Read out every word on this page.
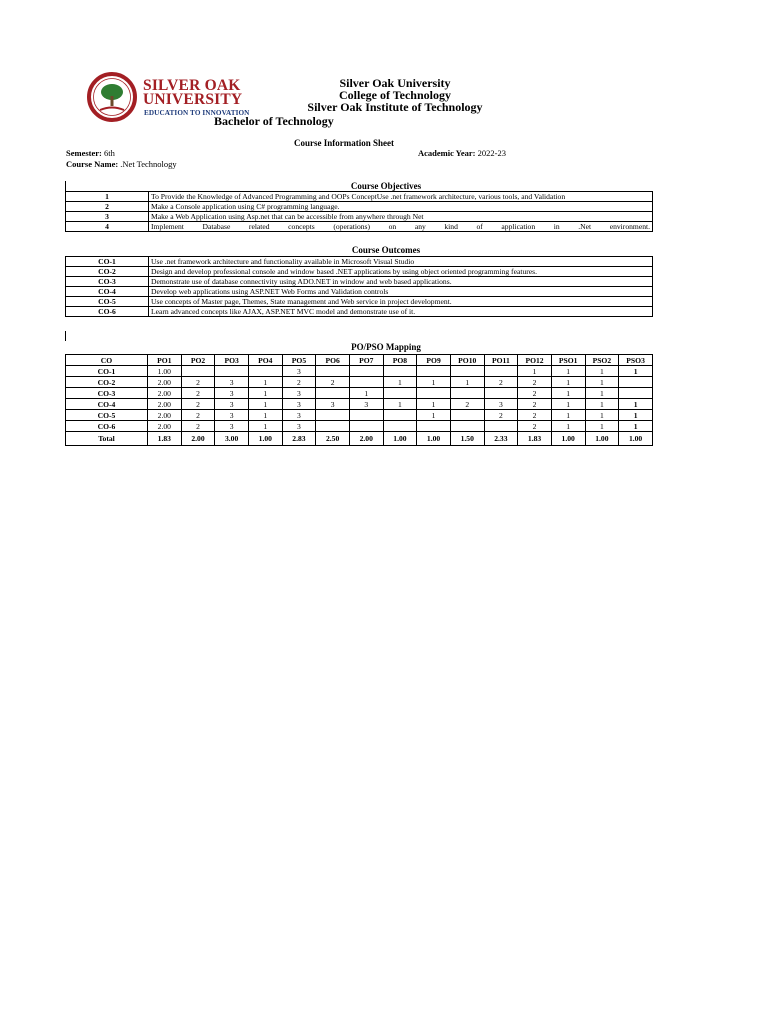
SILVER OAK
UNIVERSITY
EDUCATION TO INNOVATION
Silver Oak University
College of Technology
Silver Oak Institute of Technology
Bachelor of Technology
Course Information Sheet
Semester: 6th
Course Name: .Net Technology
Academic Year: 2022-23
Course Objectives
1	To Provide the Knowledge of Advanced Programming and OOPs ConceptUse .net framework architecture, various tools, and Validation
2	Make a Console application using C# programming language.
3	Make a Web Application using Asp.net that can be accessible from anywhere through Net
4	Implement Database related concepts (operations) on any kind of application in .Net environment.
Course Outcomes
CO-1	Use .net framework architecture and functionality available in Microsoft Visual Studio
CO-2	Design and develop professional console and window based .NET applications by using object oriented programming features.
CO-3	Demonstrate use of database connectivity using ADO.NET in window and web based applications.
CO-4	Develop web applications using ASP.NET Web Forms and Validation controls
CO-5	Use concepts of Master page, Themes, State management and Web service in project development.
CO-6	Learn advanced concepts like AJAX, ASP.NET MVC model and demonstrate use of it.
PO/PSO Mapping
CO	PO1	PO2	PO3	PO4	PO5	PO6	PO7	PO8	PO9	PO10	PO11	PO12	PSO1	PSO2	PSO3
CO-1	1.00				3							1	1	1	1
CO-2	2.00	2	3	1	2	2		1	1	1	2	2	1	1	
CO-3	2.00	2	3	1	3		1					2	1	1	
CO-4	2.00	2	3	1	3	3	3	1	1	2	3	2	1	1	1
CO-5	2.00	2	3	1	3				1		2	2	1	1	1
CO-6	2.00	2	3	1	3							2	1	1	1
Total	1.83	2.00	3.00	1.00	2.83	2.50	2.00	1.00	1.00	1.50	2.33	1.83	1.00	1.00	1.00
